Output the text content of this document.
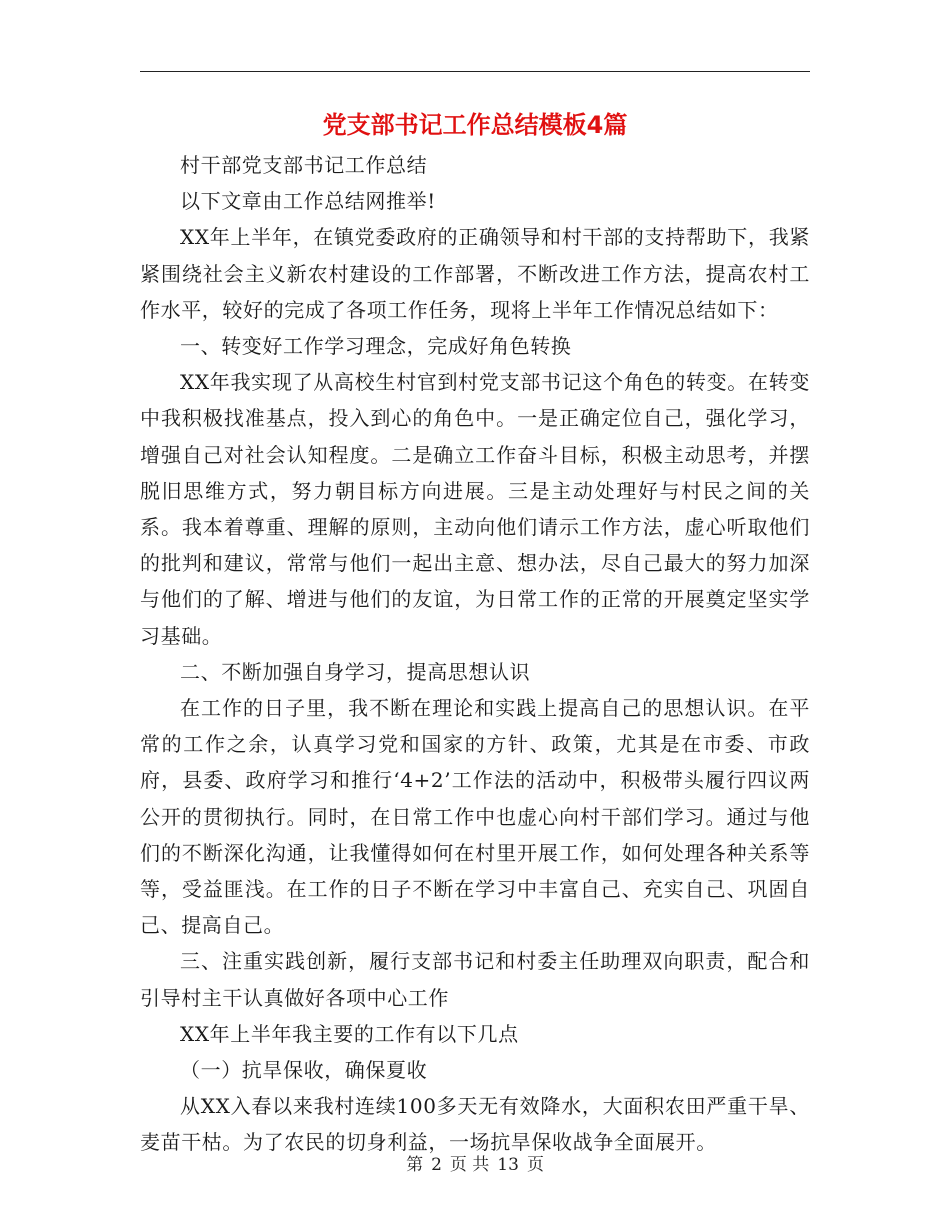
党支部书记工作总结模板4篇

村干部党支部书记工作总结

以下文章由工作总结网推举!

XX年上半年，在镇党委政府的正确领导和村干部的支持帮助下，我紧紧围绕社会主义新农村建设的工作部署，不断改进工作方法，提高农村工作水平，较好的完成了各项工作任务，现将上半年工作情况总结如下：

一、转变好工作学习理念，完成好角色转换

XX年我实现了从高校生村官到村党支部书记这个角色的转变。在转变中我积极找准基点，投入到心的角色中。一是正确定位自己，强化学习，增强自己对社会认知程度。二是确立工作奋斗目标，积极主动思考，并摆脱旧思维方式，努力朝目标方向进展。三是主动处理好与村民之间的关系。我本着尊重、理解的原则，主动向他们请示工作方法，虚心听取他们的批判和建议，常常与他们一起出主意、想办法，尽自己最大的努力加深与他们的了解、增进与他们的友谊，为日常工作的正常的开展奠定坚实学习基础。

二、不断加强自身学习，提高思想认识

在工作的日子里，我不断在理论和实践上提高自己的思想认识。在平常的工作之余，认真学习党和国家的方针、政策，尤其是在市委、市政府，县委、政府学习和推行‘4+2’工作法的活动中，积极带头履行四议两公开的贯彻执行。同时，在日常工作中也虚心向村干部们学习。通过与他们的不断深化沟通，让我懂得如何在村里开展工作，如何处理各种关系等等，受益匪浅。在工作的日子不断在学习中丰富自己、充实自己、巩固自己、提高自己。

三、注重实践创新，履行支部书记和村委主任助理双向职责，配合和引导村主干认真做好各项中心工作

XX年上半年我主要的工作有以下几点

（一）抗旱保收，确保夏收

从XX入春以来我村连续100多天无有效降水，大面积农田严重干旱、麦苗干枯。为了农民的切身利益，一场抗旱保收战争全面展开。

第 2 页 共 13 页
